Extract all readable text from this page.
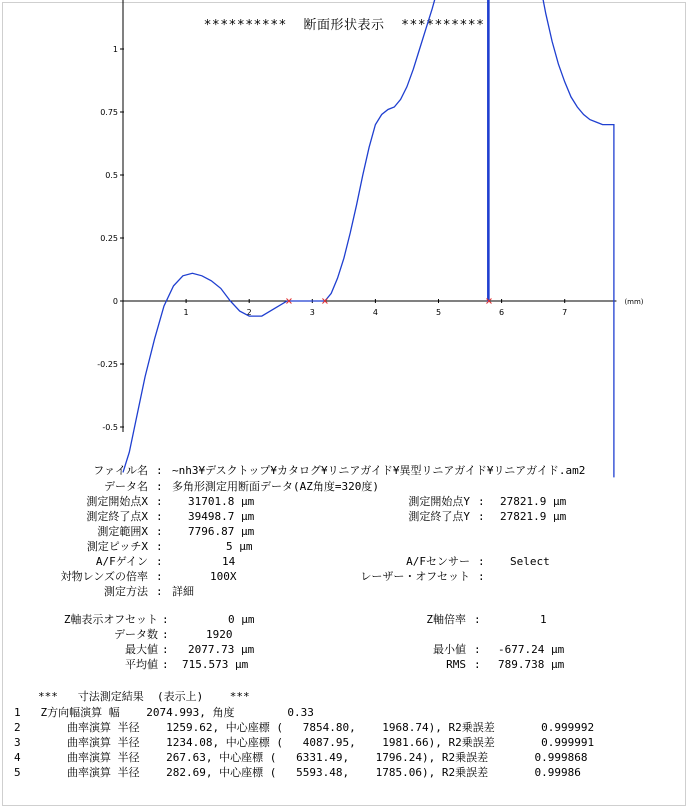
**********  断面形状表示  **********
1
0.75
0.5
0.25
0
-0.25
-0.5
1	2	3	4	5	6	7
(mm)
ファイル名 : ~nh3¥デスクトップ¥カタログ¥リニアガイド¥異型リニアガイド¥リニアガイド.am2
データ名 : 多角形測定用断面データ(AZ角度=320度)
測定開始点X : 31701.8 μm
測定終了点X : 39498.7 μm
測定範囲X : 7796.87 μm
測定ピッチX :	5 μm
A/Fゲイン :	14
対物レンズの倍率 :	100X
測定方法 : 詳細
測定開始点Y : 27821.9 μm
測定終了点Y : 27821.9 μm
A/Fセンサー : Select
レーザー・オフセット :
Z軸表示オフセット :	0 μm
データ数 :	1920
最大値 : 2077.73 μm
平均値 : 715.573 μm
Z軸倍率 :	1
最小値 : -677.24 μm
RMS : 789.738 μm
***   寸法測定結果  (表示上)    ***
1   Z方向幅演算 幅    2074.993, 角度        0.33
2       曲率演算 半径    1259.62, 中心座標 (   7854.80,    1968.74), R2乗誤差       0.999992
3       曲率演算 半径    1234.08, 中心座標 (   4087.95,    1981.66), R2乗誤差       0.999991
4       曲率演算 半径    267.63, 中心座標 (   6331.49,    1796.24), R2乗誤差       0.999868
5       曲率演算 半径    282.69, 中心座標 (   5593.48,    1785.06), R2乗誤差       0.99986
